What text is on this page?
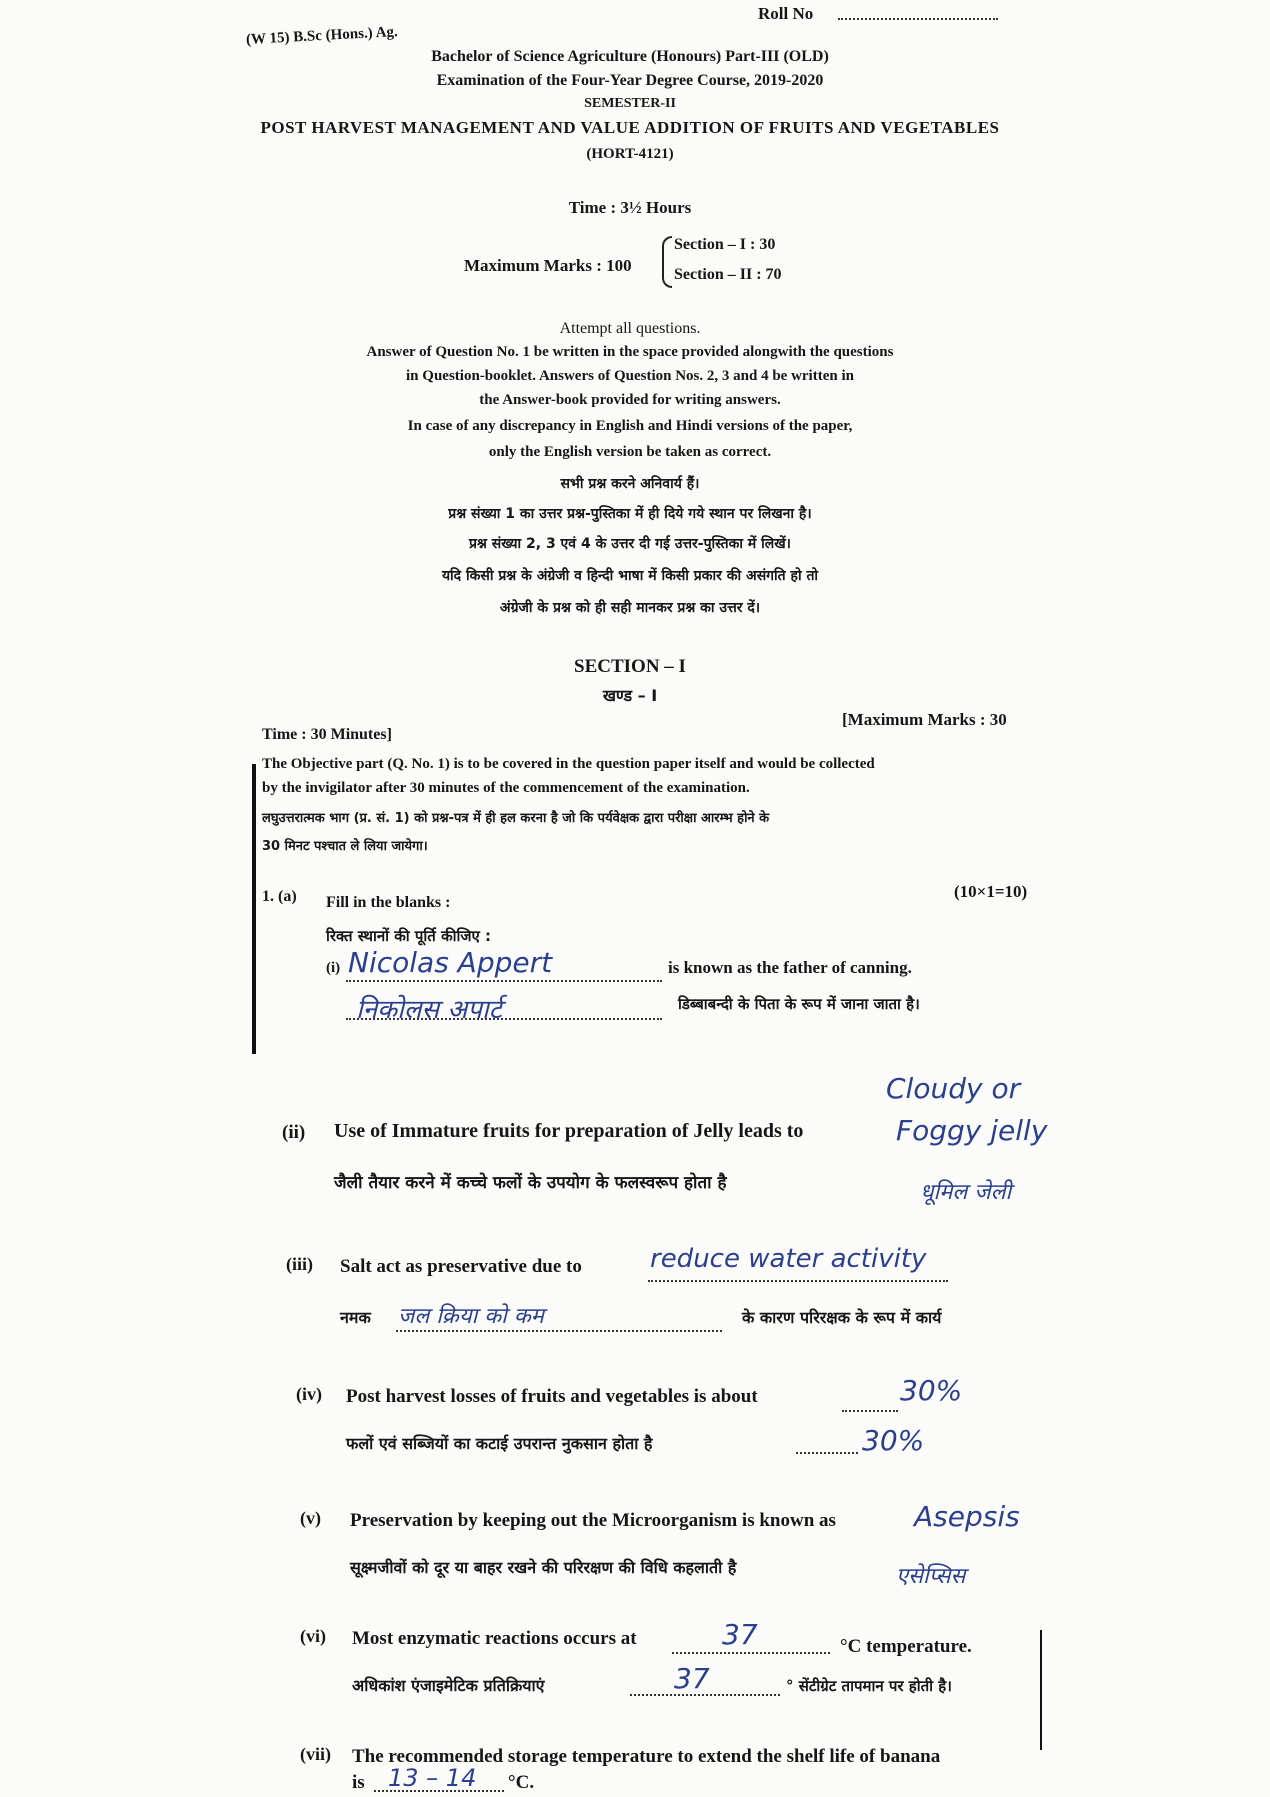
Roll No
(W 15) B.Sc (Hons.) Ag.
Bachelor of Science Agriculture (Honours) Part-III (OLD)
Examination of the Four-Year Degree Course, 2019-2020
SEMESTER-II
POST HARVEST MANAGEMENT AND VALUE ADDITION OF FRUITS AND VEGETABLES
(HORT-4121)
Time : 3½ Hours
Maximum Marks : 100
Section – I : 30
Section – II : 70
Attempt all questions.
Answer of Question No. 1 be written in the space provided alongwith the questions
in Question-booklet. Answers of Question Nos. 2, 3 and 4 be written in
the Answer-book provided for writing answers.
In case of any discrepancy in English and Hindi versions of the paper,
only the English version be taken as correct.
सभी प्रश्न करने अनिवार्य हैं।
प्रश्न संख्या 1 का उत्तर प्रश्न-पुस्तिका में ही दिये गये स्थान पर लिखना है।
प्रश्न संख्या 2, 3 एवं 4 के उत्तर दी गई उत्तर-पुस्तिका में लिखें।
यदि किसी प्रश्न के अंग्रेजी व हिन्दी भाषा में किसी प्रकार की असंगति हो तो
अंग्रेजी के प्रश्न को ही सही मानकर प्रश्न का उत्तर दें।
SECTION – I
खण्ड – I
Time : 30 Minutes]
[Maximum Marks : 30
The Objective part (Q. No. 1) is to be covered in the question paper itself and would be collected
by the invigilator after 30 minutes of the commencement of the examination.
लघुउत्तरात्मक भाग (प्र. सं. 1) को प्रश्न-पत्र में ही हल करना है जो कि पर्यवेक्षक द्वारा परीक्षा आरम्भ होने के
30 मिनट पश्चात ले लिया जायेगा।
1. (a) Fill in the blanks :
(10×1=10)
रिक्त स्थानों की पूर्ति कीजिए :
(i) Nicolas Appert	is known as the father of canning.
निकोलस अपार्ट	डिब्बाबन्दी के पिता के रूप में जाना जाता है।
Cloudy or
(ii) Use of Immature fruits for preparation of Jelly leads to	Foggy jelly
जैली तैयार करने में कच्चे फलों के उपयोग के फलस्वरूप होता है	धूमिल जेली
(iii) Salt act as preservative due to	reduce water activity
नमक जल क्रिया को कम	के कारण परिरक्षक के रूप में कार्य
(iv) Post harvest losses of fruits and vegetables is about	30%
फलों एवं सब्जियों का कटाई उपरान्त नुकसान होता है	30%
(v) Preservation by keeping out the Microorganism is known as	Asepsis
सूक्ष्मजीवों को दूर या बाहर रखने की परिरक्षण की विधि कहलाती है	एसेप्सिस
(vi) Most enzymatic reactions occurs at	37	°C temperature.
अधिकांश एंजाइमेटिक प्रतिक्रियाएं	37	° सेंटीग्रेट तापमान पर होती है।
(vii) The recommended storage temperature to extend the shelf life of banana
is 13 – 14 °C.
